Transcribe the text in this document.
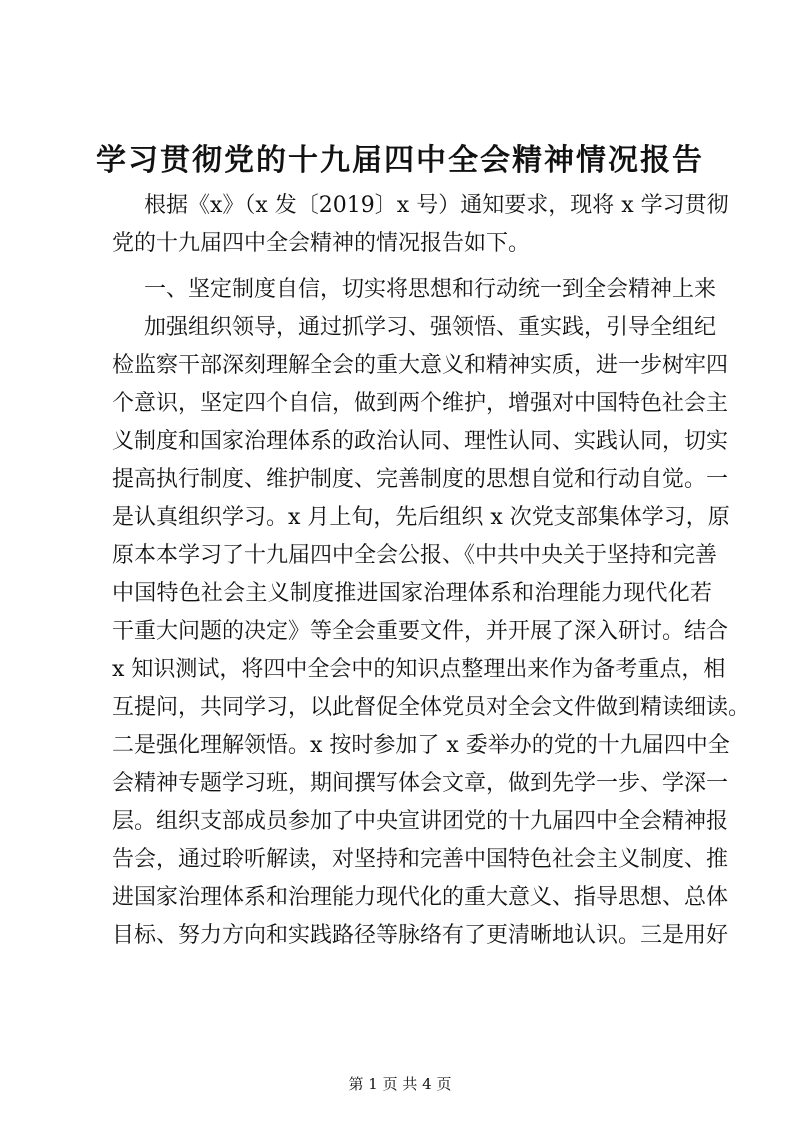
学习贯彻党的十九届四中全会精神情况报告
根据《x》（x 发〔2019〕x 号）通知要求，现将 x 学习贯彻
党的十九届四中全会精神的情况报告如下。
一、坚定制度自信，切实将思想和行动统一到全会精神上来
加强组织领导，通过抓学习、强领悟、重实践，引导全组纪
检监察干部深刻理解全会的重大意义和精神实质，进一步树牢四
个意识，坚定四个自信，做到两个维护，增强对中国特色社会主
义制度和国家治理体系的政治认同、理性认同、实践认同，切实
提高执行制度、维护制度、完善制度的思想自觉和行动自觉。一
是认真组织学习。x 月上旬，先后组织 x 次党支部集体学习，原
原本本学习了十九届四中全会公报、《中共中央关于坚持和完善
中国特色社会主义制度推进国家治理体系和治理能力现代化若
干重大问题的决定》等全会重要文件，并开展了深入研讨。结合
x 知识测试，将四中全会中的知识点整理出来作为备考重点，相
互提问，共同学习，以此督促全体党员对全会文件做到精读细读。
二是强化理解领悟。x 按时参加了 x 委举办的党的十九届四中全
会精神专题学习班，期间撰写体会文章，做到先学一步、学深一
层。组织支部成员参加了中央宣讲团党的十九届四中全会精神报
告会，通过聆听解读，对坚持和完善中国特色社会主义制度、推
进国家治理体系和治理能力现代化的重大意义、指导思想、总体
目标、努力方向和实践路径等脉络有了更清晰地认识。三是用好
第 1 页 共 4 页
